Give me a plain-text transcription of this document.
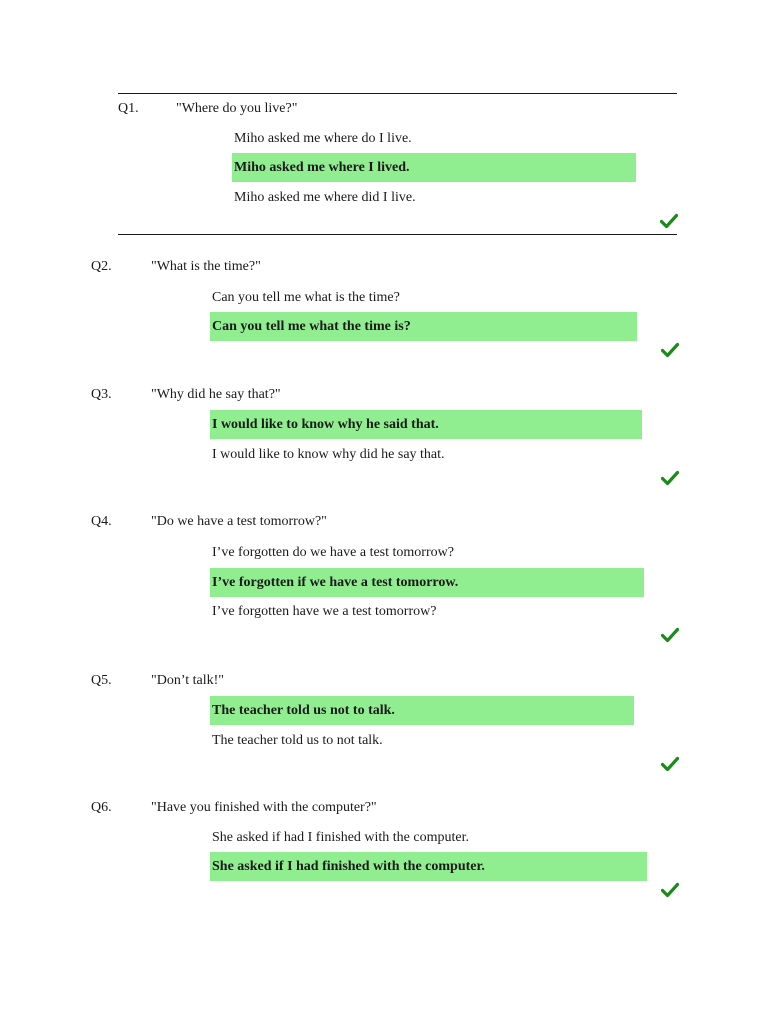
Q1.	"Where do you live?"
Miho asked me where do I live.
Miho asked me where I lived.
Miho asked me where did I live.
Q2.	"What is the time?"
Can you tell me what is the time?
Can you tell me what the time is?
Q3.	"Why did he say that?"
I would like to know why he said that.
I would like to know why did he say that.
Q4.	"Do we have a test tomorrow?"
I’ve forgotten do we have a test tomorrow?
I’ve forgotten if we have a test tomorrow.
I’ve forgotten have we a test tomorrow?
Q5.	"Don’t talk!"
The teacher told us not to talk.
The teacher told us to not talk.
Q6.	"Have you finished with the computer?"
She asked if had I finished with the computer.
She asked if I had finished with the computer.
